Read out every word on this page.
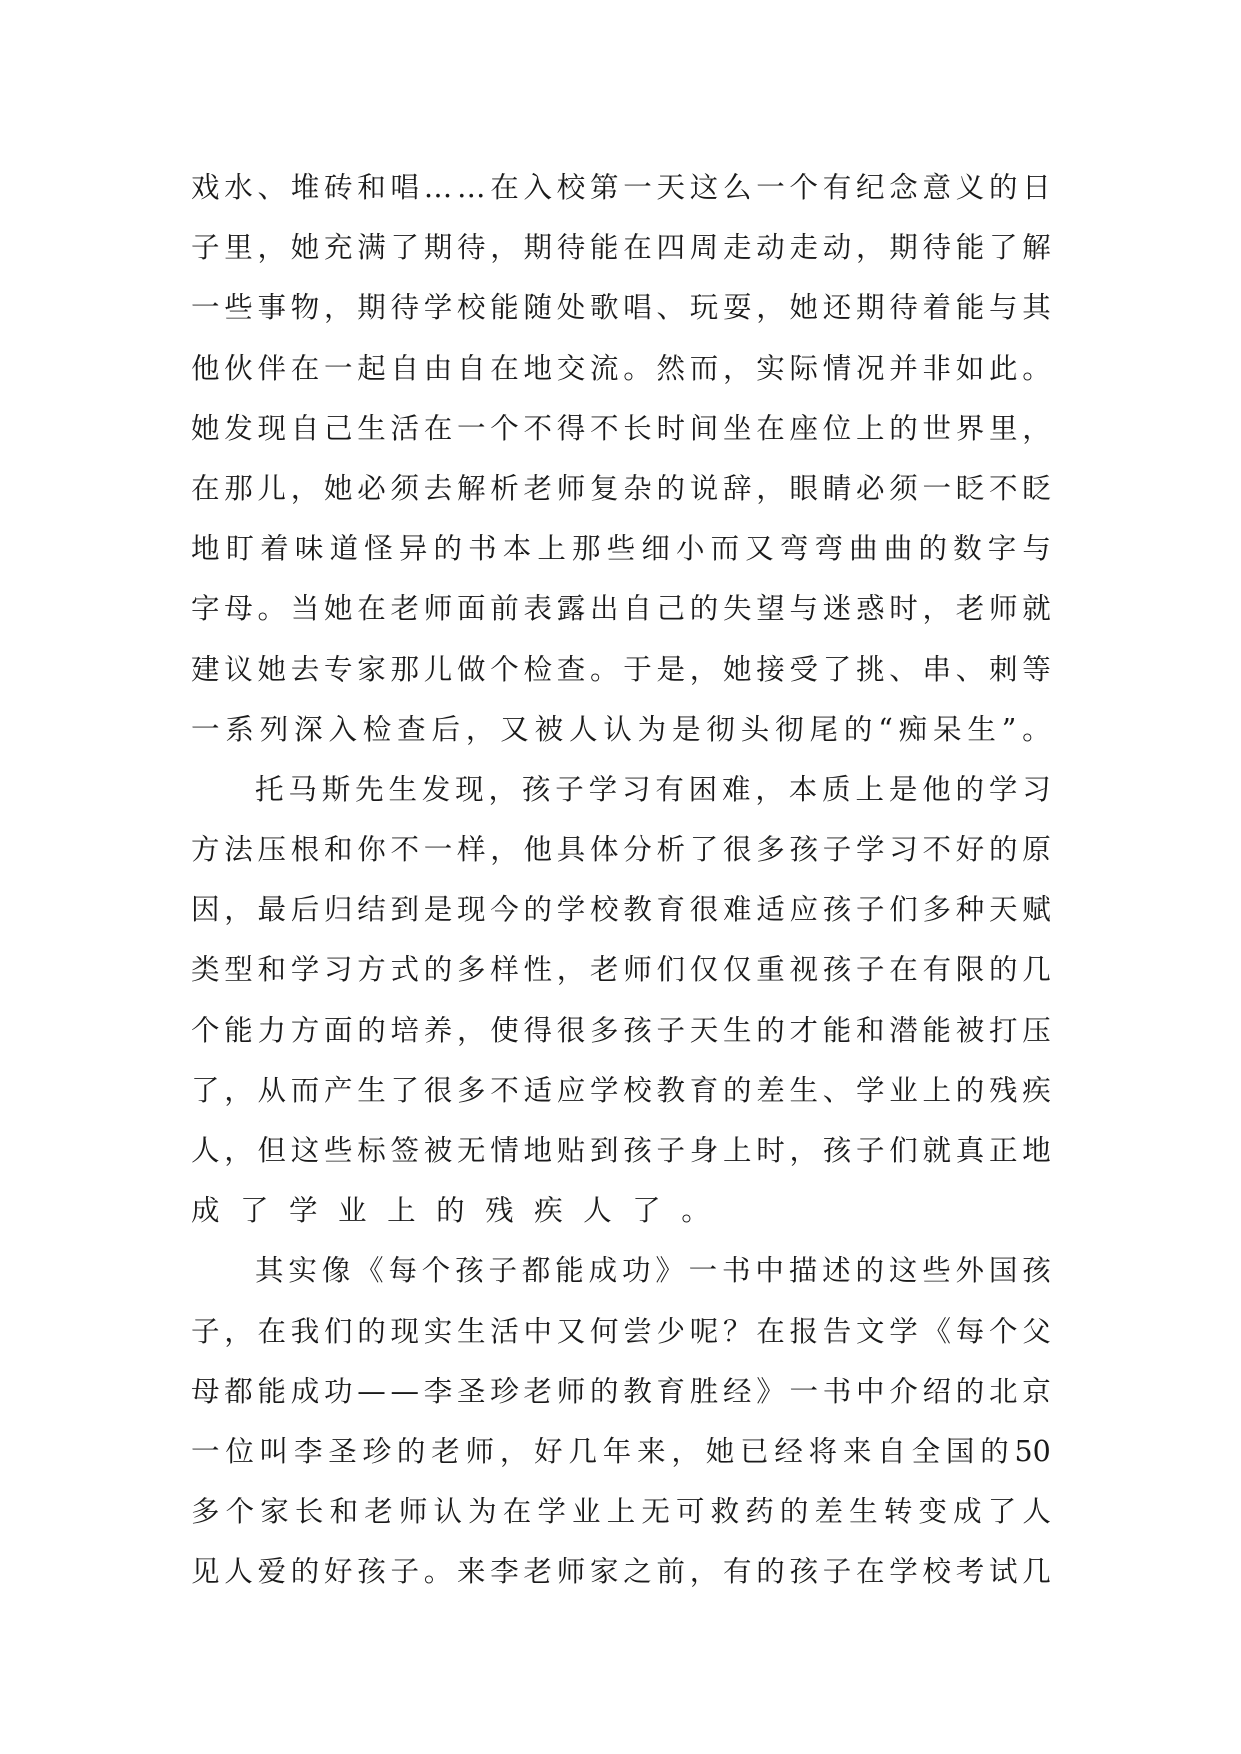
戏 水 、 堆 砖 和 唱 … … 在 入 校 第 一 天 这 么 一 个 有 纪 念 意 义 的 日
子 里 ， 她 充 满 了 期 待 ， 期 待 能 在 四 周 走 动 走 动 ， 期 待 能 了 解
一 些 事 物 ， 期 待 学 校 能 随 处 歌 唱 、 玩 耍 ， 她 还 期 待 着 能 与 其
他 伙 伴 在 一 起 自 由 自 在 地 交 流 。 然 而 ， 实 际 情 况 并 非 如 此 。
她 发 现 自 己 生 活 在 一 个 不 得 不 长 时 间 坐 在 座 位 上 的 世 界 里 ，
在 那 儿 ， 她 必 须 去 解 析 老 师 复 杂 的 说 辞 ， 眼 睛 必 须 一 眨 不 眨
地 盯 着 味 道 怪 异 的 书 本 上 那 些 细 小 而 又 弯 弯 曲 曲 的 数 字 与
字 母 。 当 她 在 老 师 面 前 表 露 出 自 己 的 失 望 与 迷 惑 时 ， 老 师 就
建 议 她 去 专 家 那 儿 做 个 检 查 。 于 是 ， 她 接 受 了 挑 、 串 、 刺 等
一 系 列 深 入 检 查 后 ， 又 被 人 认 为 是 彻 头 彻 尾 的 “ 痴 呆 生 ” 。
托 马 斯 先 生 发 现 ， 孩 子 学 习 有 困 难 ， 本 质 上 是 他 的 学 习
方 法 压 根 和 你 不 一 样 ， 他 具 体 分 析 了 很 多 孩 子 学 习 不 好 的 原
因 ， 最 后 归 结 到 是 现 今 的 学 校 教 育 很 难 适 应 孩 子 们 多 种 天 赋
类 型 和 学 习 方 式 的 多 样 性 ， 老 师 们 仅 仅 重 视 孩 子 在 有 限 的 几
个 能 力 方 面 的 培 养 ， 使 得 很 多 孩 子 天 生 的 才 能 和 潜 能 被 打 压
了 ， 从 而 产 生 了 很 多 不 适 应 学 校 教 育 的 差 生 、 学 业 上 的 残 疾
人 ， 但 这 些 标 签 被 无 情 地 贴 到 孩 子 身 上 时 ， 孩 子 们 就 真 正 地
成了学业上的残疾人了。
其 实 像 《 每 个 孩 子 都 能 成 功 》 一 书 中 描 述 的 这 些 外 国 孩
子 ， 在 我 们 的 现 实 生 活 中 又 何 尝 少 呢 ？ 在 报 告 文 学 《 每 个 父
母 都 能 成 功 — — 李 圣 珍 老 师 的 教 育 胜 经 》 一 书 中 介 绍 的 北 京
一 位 叫 李 圣 珍 的 老 师 ， 好 几 年 来 ， 她 已 经 将 来 自 全 国 的 50
多 个 家 长 和 老 师 认 为 在 学 业 上 无 可 救 药 的 差 生 转 变 成 了 人
见 人 爱 的 好 孩 子 。 来 李 老 师 家 之 前 ， 有 的 孩 子 在 学 校 考 试 几
